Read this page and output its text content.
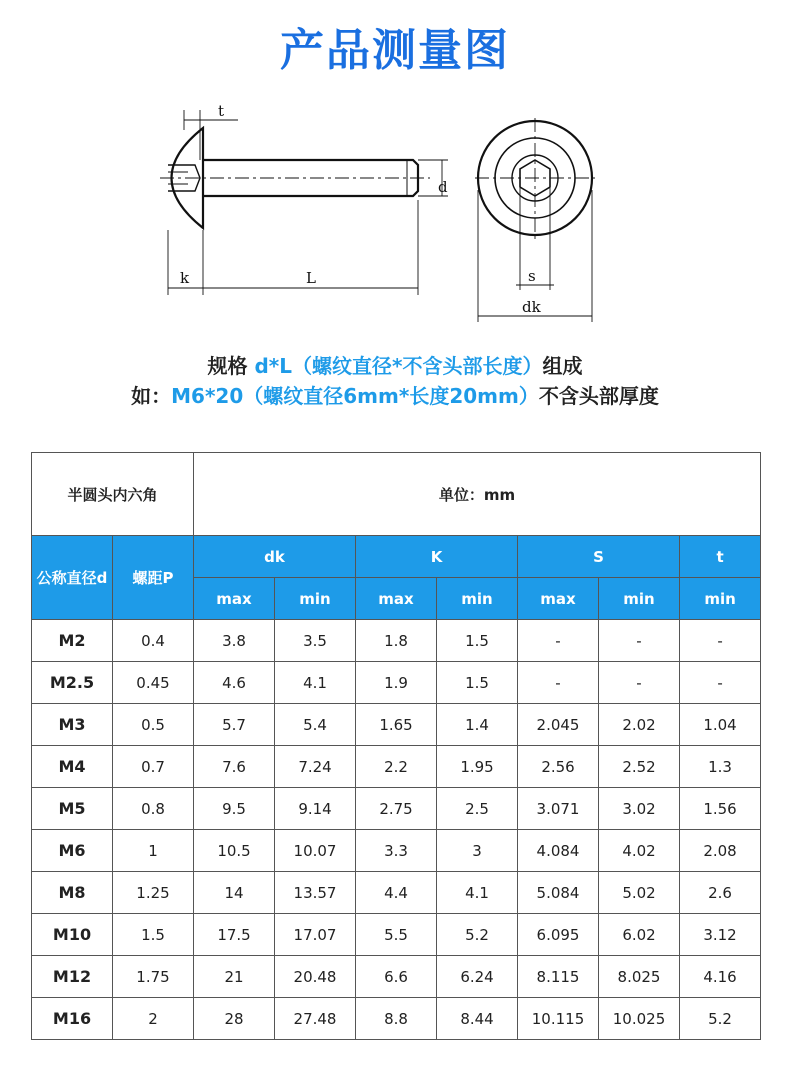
产品测量图
t
d
k	L	s
dk
规格 d*L（螺纹直径*不含头部长度）组成
如：M6*20（螺纹直径6mm*长度20mm）不含头部厚度
半圆头内六角		单位：mm						
公称直径d	螺距P	dk		K		S		t
		max	min	max	min	max	min	min
M2	0.4	3.8	3.5	1.8	1.5	-	-	-
M2.5	0.45	4.6	4.1	1.9	1.5	-	-	-
M3	0.5	5.7	5.4	1.65	1.4	2.045	2.02	1.04
M4	0.7	7.6	7.24	2.2	1.95	2.56	2.52	1.3
M5	0.8	9.5	9.14	2.75	2.5	3.071	3.02	1.56
M6	1	10.5	10.07	3.3	3	4.084	4.02	2.08
M8	1.25	14	13.57	4.4	4.1	5.084	5.02	2.6
M10	1.5	17.5	17.07	5.5	5.2	6.095	6.02	3.12
M12	1.75	21	20.48	6.6	6.24	8.115	8.025	4.16
M16	2	28	27.48	8.8	8.44	10.115	10.025	5.2
